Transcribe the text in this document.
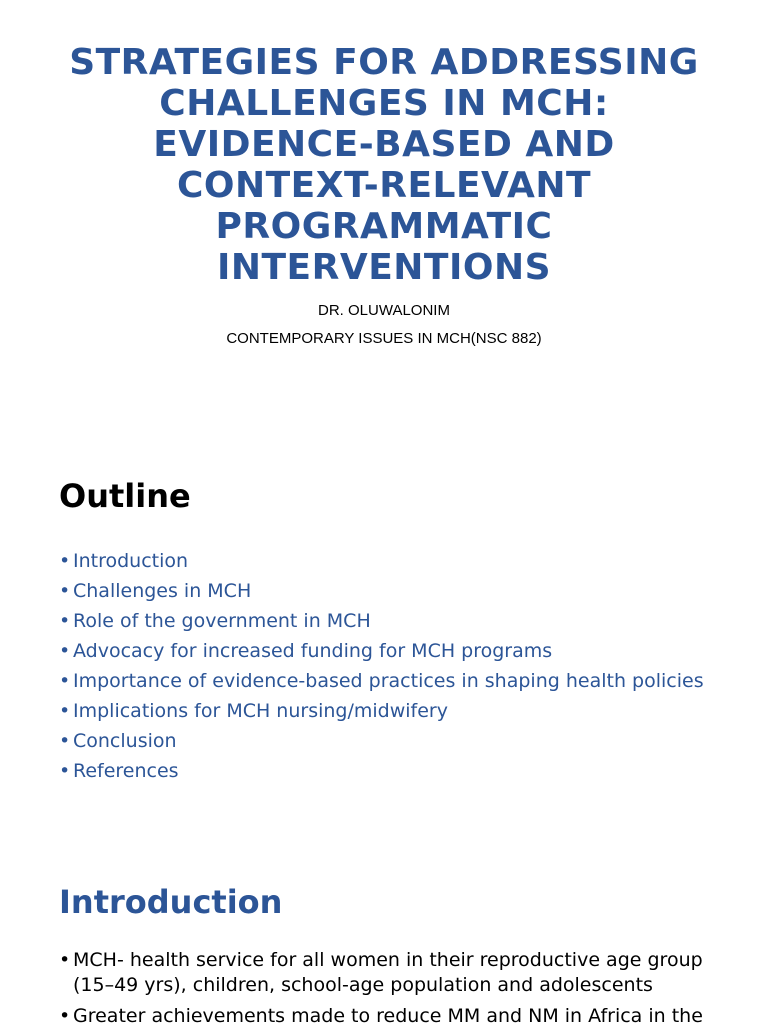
STRATEGIES FOR ADDRESSING
CHALLENGES IN MCH:
EVIDENCE-BASED AND
CONTEXT-RELEVANT
PROGRAMMATIC
INTERVENTIONS
DR. OLUWALONIM
CONTEMPORARY ISSUES IN MCH(NSC 882)
Outline
• Introduction
• Challenges in MCH
• Role of the government in MCH
• Advocacy for increased funding for MCH programs
• Importance of evidence-based practices in shaping health policies
• Implications for MCH nursing/midwifery
• Conclusion
• References
Introduction
• MCH- health service for all women in their reproductive age group (15–49 yrs), children, school-age population and adolescents
• Greater achievements made to reduce MM and NM in Africa in the
